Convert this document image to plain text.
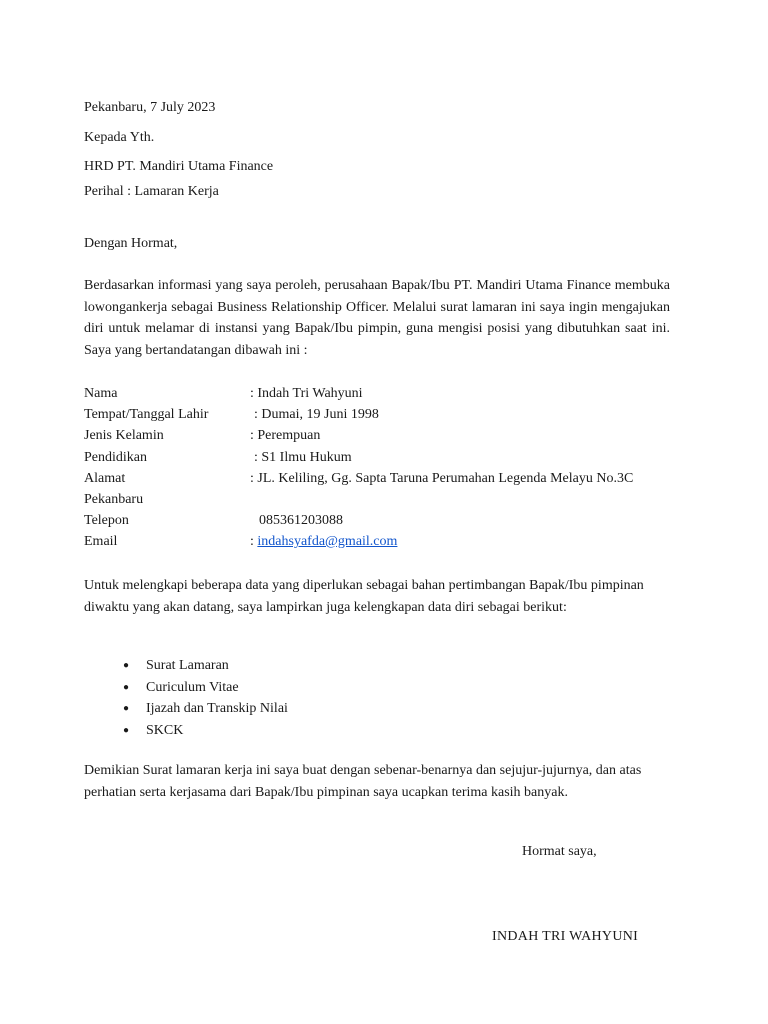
Pekanbaru, 7 July 2023
Kepada Yth.
HRD PT. Mandiri Utama Finance
Perihal : Lamaran Kerja
Dengan Hormat,
Berdasarkan informasi yang saya peroleh, perusahaan Bapak/Ibu PT. Mandiri Utama Finance membuka lowongankerja sebagai Business Relationship Officer. Melalui surat lamaran ini saya ingin mengajukan diri untuk melamar di instansi yang Bapak/Ibu pimpin, guna mengisi posisi yang dibutuhkan saat ini. Saya yang bertandatangan dibawah ini :
Nama	: Indah Tri Wahyuni
Tempat/Tanggal Lahir	: Dumai, 19 Juni 1998
Jenis Kelamin	: Perempuan
Pendidikan	: S1 Ilmu Hukum
Alamat	: JL. Keliling, Gg. Sapta Taruna Perumahan Legenda Melayu No.3C
Pekanbaru
Telepon	085361203088
Email	: indahsyafda@gmail.com
Untuk melengkapi beberapa data yang diperlukan sebagai bahan pertimbangan Bapak/Ibu pimpinan diwaktu yang akan datang, saya lampirkan juga kelengkapan data diri sebagai berikut:
● Surat Lamaran
● Curiculum Vitae
● Ijazah dan Transkip Nilai
● SKCK
Demikian Surat lamaran kerja ini saya buat dengan sebenar-benarnya dan sejujur-jujurnya, dan atas perhatian serta kerjasama dari Bapak/Ibu pimpinan saya ucapkan terima kasih banyak.
Hormat saya,
INDAH TRI WAHYUNI
